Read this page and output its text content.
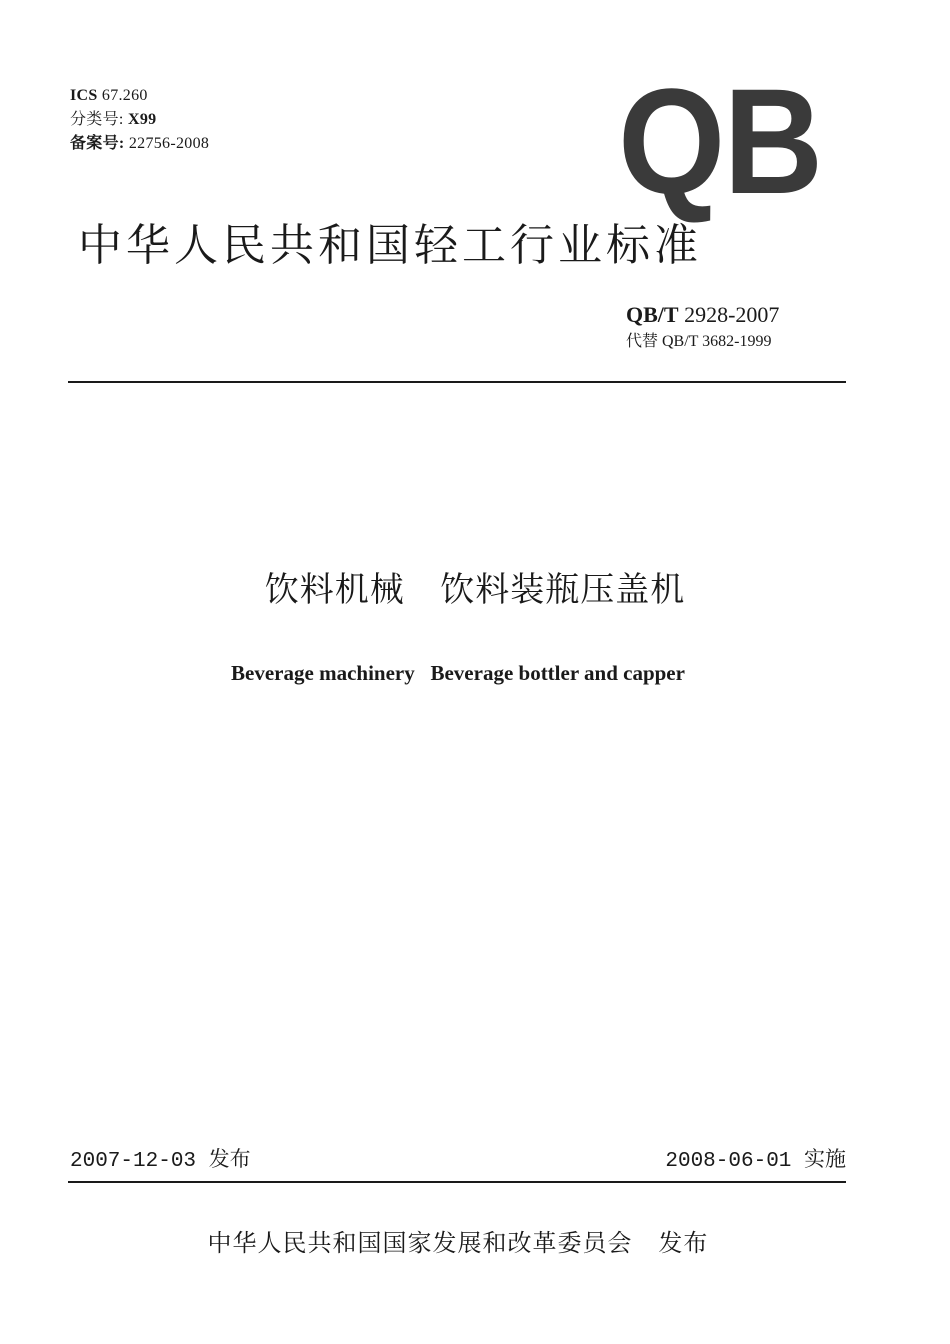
ICS 67.260
分类号: X99
备案号: 22756-2008	QB
中华人民共和国轻工行业标准
QB/T 2928-2007
代替 QB/T 3682-1999
饮料机械   饮料装瓶压盖机
Beverage machinery   Beverage bottler and capper
2007-12-03 发布	2008-06-01 实施
中华人民共和国国家发展和改革委员会   发布
